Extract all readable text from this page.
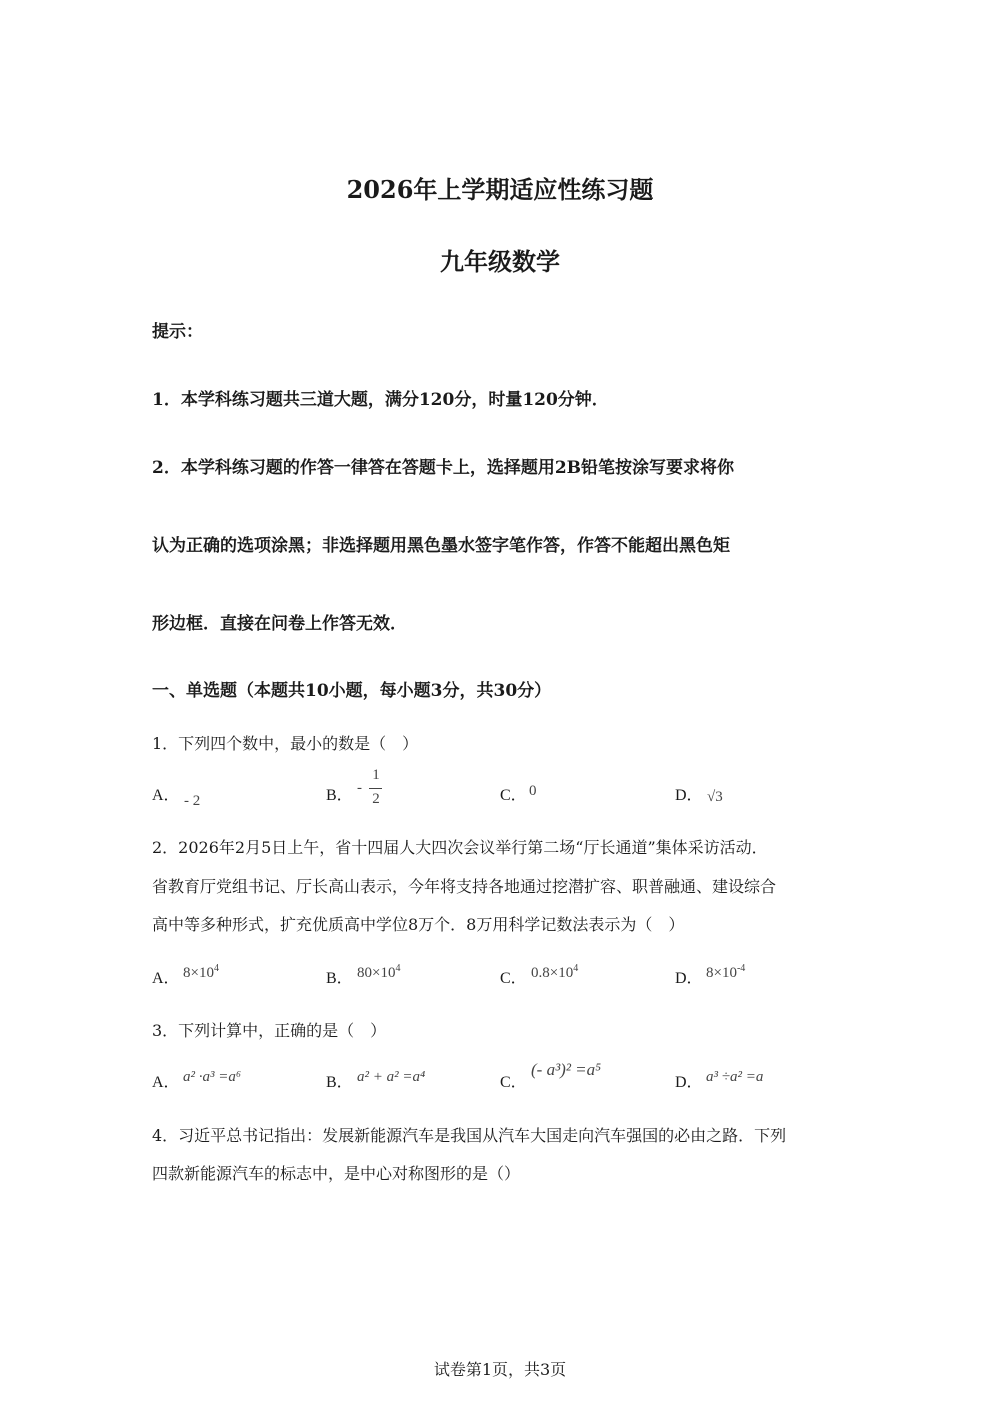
2026年上学期适应性练习题
九年级数学
提示：
1．本学科练习题共三道大题，满分120分，时量120分钟．
2．本学科练习题的作答一律答在答题卡上，选择题用2B铅笔按涂写要求将你
认为正确的选项涂黑；非选择题用黑色墨水签字笔作答，作答不能超出黑色矩
形边框．直接在问卷上作答无效．
一、单选题（本题共10小题，每小题3分，共30分）
1．下列四个数中，最小的数是（　）
A． - 2	B． -
1
2	C． 0	D． √3
2．2026年2月5日上午，省十四届人大四次会议举行第二场“厅长通道”集体采访活动．
省教育厅党组书记、厅长高山表示，今年将支持各地通过挖潜扩容、职普融通、建设综合
高中等多种形式，扩充优质高中学位8万个．8万用科学记数法表示为（　）
A． $8\times 10^4$
B． $80\times 10^4$
C． $0.8\times 10^4$
D． $8\times 10^{-4}$
3．下列计算中，正确的是（　）
A． a² ·a³ =a⁶	B． a² + a² =a⁴	C．
(- a³)² =a⁵
D． a³ ÷a² =a
4．习近平总书记指出：发展新能源汽车是我国从汽车大国走向汽车强国的必由之路．下列
四款新能源汽车的标志中，是中心对称图形的是（）
试卷第1页，共3页
